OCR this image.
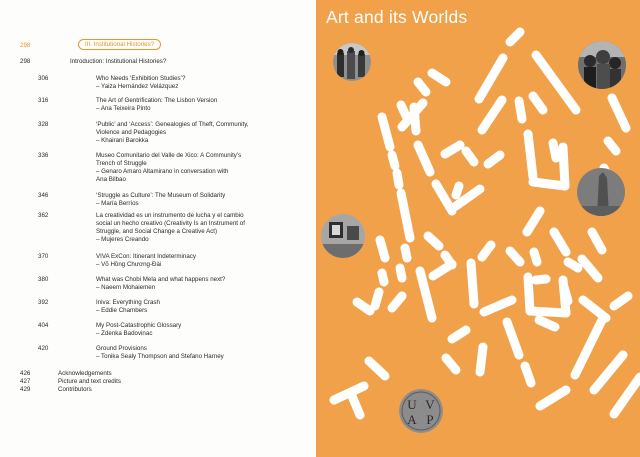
298	III. Institutional Histories?
298	Introduction: Institutional Histories?
306	Who Needs ‘Exhibition Studies’?
– Yaiza Hernández Velázquez
316	The Art of Gentrification: The Lisbon Version
– Ana Teixeira Pinto
328	‘Public’ and ‘Access’: Genealogies of Theft, Community,
Violence and Pedagogies
– Khairani Barokka
336	Museo Comunitario del Valle de Xico: A Community’s
Trench of Struggle
– Genaro Amaro Altamirano in conversation with
Ana Bilbao
346	‘Struggle as Culture’: The Museum of Solidarity
– María Berríos
362	La creatividad es un instrumento de lucha y el cambio
social un hecho creativo (Creativity Is an Instrument of
Struggle, and Social Change a Creative Act)
– Mujeres Creando
370	VIVA ExCon: Itinerant Indeterminacy
– Võ Hồng Chương-Đài
380	What was Chobi Mela and what happens next?
– Naeem Mohaiemen
392	Iniva: Everything Crash
– Eddie Chambers
404	My Post-Catastrophic Glossary
– Zdenka Badovinac
420	Ground Provisions
– Tonika Sealy Thompson and Stefano Harney
426	Acknowledgements
427	Picture and text credits
429	Contributors
Art and its Worlds
U V
A P
